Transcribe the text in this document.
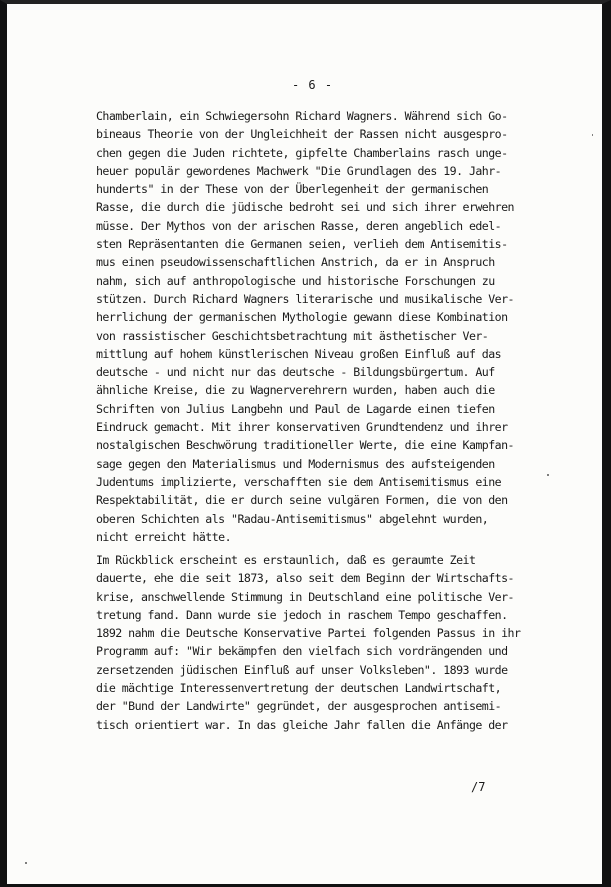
- 6 -
Chamberlain, ein Schwiegersohn Richard Wagners. Während sich Go-
bineaus Theorie von der Ungleichheit der Rassen nicht ausgespro-
chen gegen die Juden richtete, gipfelte Chamberlains rasch unge-
heuer populär gewordenes Machwerk "Die Grundlagen des 19. Jahr-
hunderts" in der These von der Überlegenheit der germanischen
Rasse, die durch die jüdische bedroht sei und sich ihrer erwehren
müsse. Der Mythos von der arischen Rasse, deren angeblich edel-
sten Repräsentanten die Germanen seien, verlieh dem Antisemitis-
mus einen pseudowissenschaftlichen Anstrich, da er in Anspruch
nahm, sich auf anthropologische und historische Forschungen zu
stützen. Durch Richard Wagners literarische und musikalische Ver-
herrlichung der germanischen Mythologie gewann diese Kombination
von rassistischer Geschichtsbetrachtung mit ästhetischer Ver-
mittlung auf hohem künstlerischen Niveau großen Einfluß auf das
deutsche - und nicht nur das deutsche - Bildungsbürgertum. Auf
ähnliche Kreise, die zu Wagnerverehrern wurden, haben auch die
Schriften von Julius Langbehn und Paul de Lagarde einen tiefen
Eindruck gemacht. Mit ihrer konservativen Grundtendenz und ihrer
nostalgischen Beschwörung traditioneller Werte, die eine Kampfan-
sage gegen den Materialismus und Modernismus des aufsteigenden
Judentums implizierte, verschafften sie dem Antisemitismus eine
Respektabilität, die er durch seine vulgären Formen, die von den
oberen Schichten als "Radau-Antisemitismus" abgelehnt wurden,
nicht erreicht hätte.
Im Rückblick erscheint es erstaunlich, daß es geraumte Zeit
dauerte, ehe die seit 1873, also seit dem Beginn der Wirtschafts-
krise, anschwellende Stimmung in Deutschland eine politische Ver-
tretung fand. Dann wurde sie jedoch in raschem Tempo geschaffen.
1892 nahm die Deutsche Konservative Partei folgenden Passus in ihr
Programm auf: "Wir bekämpfen den vielfach sich vordrängenden und
zersetzenden jüdischen Einfluß auf unser Volksleben". 1893 wurde
die mächtige Interessenvertretung der deutschen Landwirtschaft,
der "Bund der Landwirte" gegründet, der ausgesprochen antisemi-
tisch orientiert war. In das gleiche Jahr fallen die Anfänge der
/7
